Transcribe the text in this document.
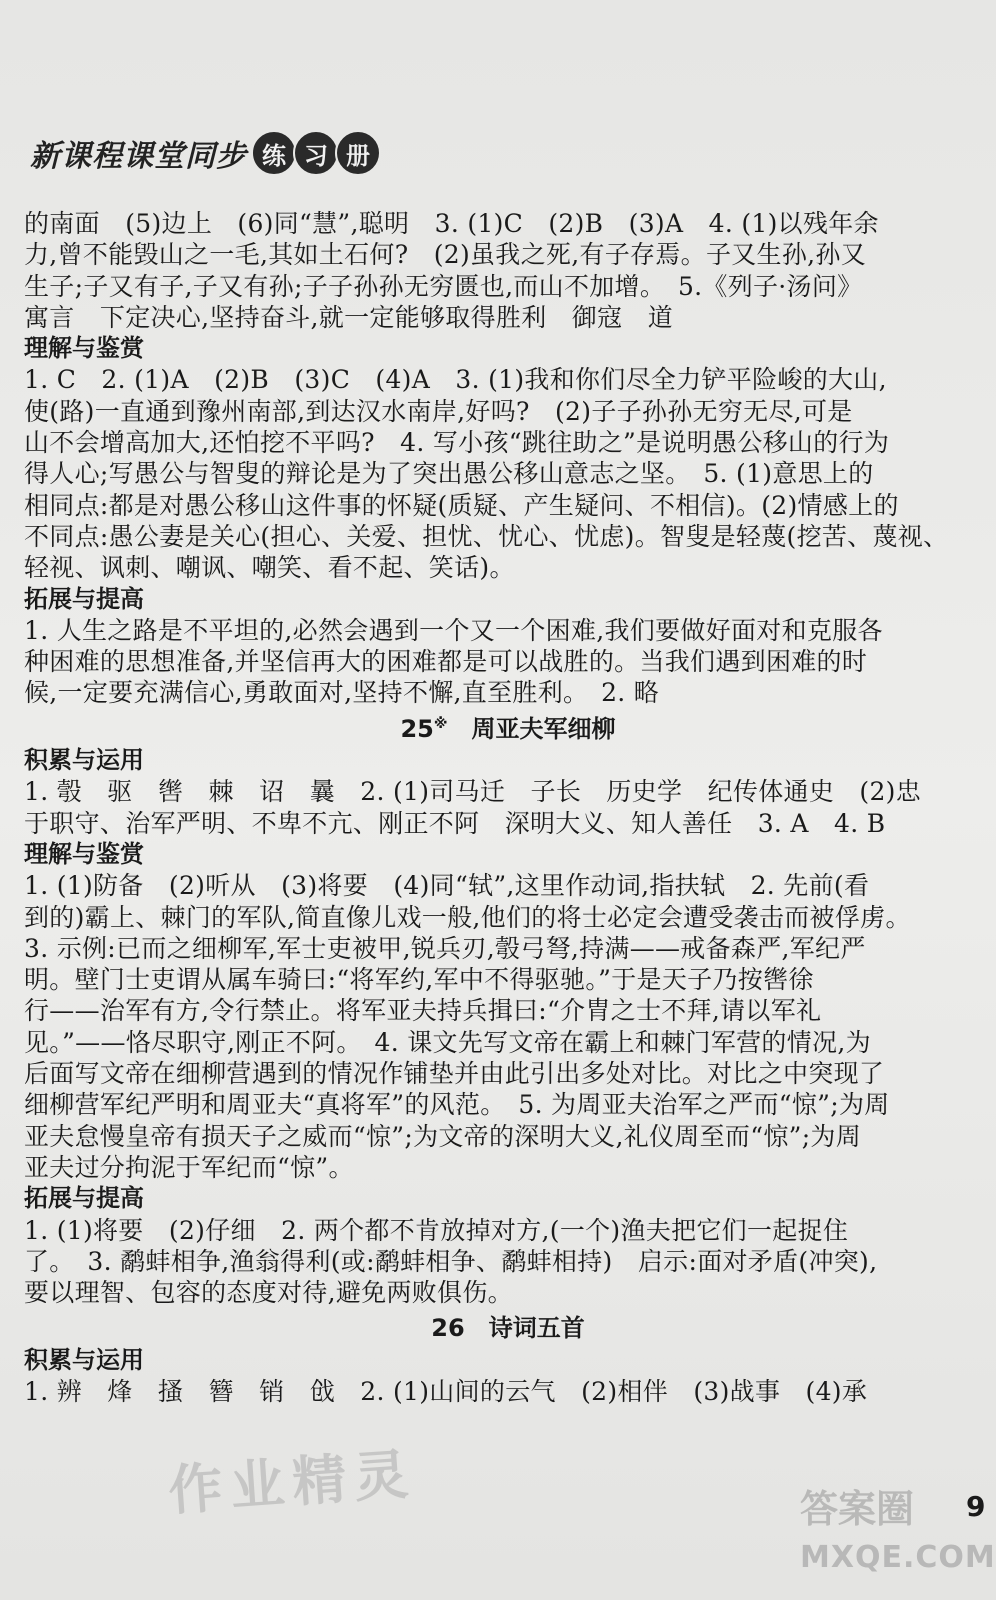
新课程课堂同步 练 习 册
的南面　(5)边上　(6)同“慧”,聪明　3. (1)C　(2)B　(3)A　4. (1)以残年余
力,曾不能毁山之一毛,其如土石何?　(2)虽我之死,有子存焉。子又生孙,孙又
生子;子又有子,子又有孙;子子孙孙无穷匮也,而山不加增。　5.《列子·汤问》
寓言　下定决心,坚持奋斗,就一定能够取得胜利　御寇　道
理解与鉴赏
1. C　2. (1)A　(2)B　(3)C　(4)A　3. (1)我和你们尽全力铲平险峻的大山,
使(路)一直通到豫州南部,到达汉水南岸,好吗?　(2)子子孙孙无穷无尽,可是
山不会增高加大,还怕挖不平吗?　4. 写小孩“跳往助之”是说明愚公移山的行为
得人心;写愚公与智叟的辩论是为了突出愚公移山意志之坚。　5. (1)意思上的
相同点:都是对愚公移山这件事的怀疑(质疑、产生疑问、不相信)。(2)情感上的
不同点:愚公妻是关心(担心、关爱、担忧、忧心、忧虑)。智叟是轻蔑(挖苦、蔑视、
轻视、讽刺、嘲讽、嘲笑、看不起、笑话)。
拓展与提高
1. 人生之路是不平坦的,必然会遇到一个又一个困难,我们要做好面对和克服各
种困难的思想准备,并坚信再大的困难都是可以战胜的。当我们遇到困难的时
候,一定要充满信心,勇敢面对,坚持不懈,直至胜利。　2. 略
25※  周亚夫军细柳
积累与运用
1. 彀　驱　辔　棘　诏　曩　2. (1)司马迁　子长　历史学　纪传体通史　(2)忠
于职守、治军严明、不卑不亢、刚正不阿　深明大义、知人善任　3. A　4. B
理解与鉴赏
1. (1)防备　(2)听从　(3)将要　(4)同“轼”,这里作动词,指扶轼　2. 先前(看
到的)霸上、棘门的军队,简直像儿戏一般,他们的将士必定会遭受袭击而被俘虏。
3. 示例:已而之细柳军,军士吏被甲,锐兵刃,彀弓弩,持满——戒备森严,军纪严
明。壁门士吏谓从属车骑曰:“将军约,军中不得驱驰。”于是天子乃按辔徐
行——治军有方,令行禁止。将军亚夫持兵揖曰:“介胄之士不拜,请以军礼
见。”——恪尽职守,刚正不阿。　4. 课文先写文帝在霸上和棘门军营的情况,为
后面写文帝在细柳营遇到的情况作铺垫并由此引出多处对比。对比之中突现了
细柳营军纪严明和周亚夫“真将军”的风范。　5. 为周亚夫治军之严而“惊”;为周
亚夫怠慢皇帝有损天子之威而“惊”;为文帝的深明大义,礼仪周至而“惊”;为周
亚夫过分拘泥于军纪而“惊”。
拓展与提高
1. (1)将要　(2)仔细　2. 两个都不肯放掉对方,(一个)渔夫把它们一起捉住
了。　3. 鹬蚌相争,渔翁得利(或:鹬蚌相争、鹬蚌相持)　启示:面对矛盾(冲突),
要以理智、包容的态度对待,避免两败俱伤。
26  诗词五首
积累与运用
1. 辨　烽　搔　簪　销　戗　2. (1)山间的云气　(2)相伴　(3)战事　(4)承
作业精灵	答案圈
MXQE.COM
9
